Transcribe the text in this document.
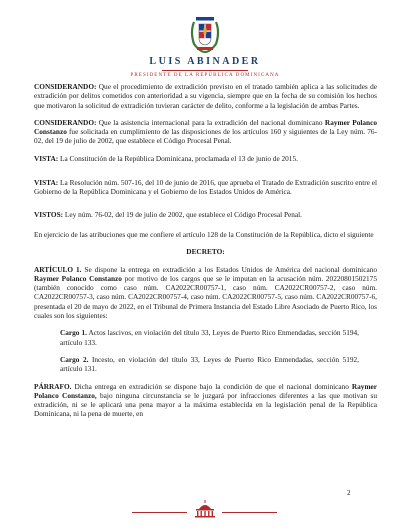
LUIS ABINADER
PRESIDENTE DE LA REPÚBLICA DOMINICANA

CONSIDERANDO: Que el procedimiento de extradición previsto en el tratado también aplica a las solicitudes de extradición por delitos cometidos con anterioridad a su vigencia, siempre que en la fecha de su comisión los hechos que motivaron la solicitud de extradición tuvieran carácter de delito, conforme a la legislación de ambas Partes.

CONSIDERANDO: Que la asistencia internacional para la extradición del nacional dominicano Raymer Polanco Constanzo fue solicitada en cumplimiento de las disposiciones de los artículos 160 y siguientes de la Ley núm. 76-02, del 19 de julio de 2002, que establece el Código Procesal Penal.

VISTA: La Constitución de la República Dominicana, proclamada el 13 de junio de 2015.

VISTA: La Resolución núm. 507-16, del 10 de junio de 2016, que aprueba el Tratado de Extradición suscrito entre el Gobierno de la República Dominicana y el Gobierno de los Estados Unidos de América.

VISTOS: Ley núm. 76-02, del 19 de julio de 2002, que establece el Código Procesal Penal.

En ejercicio de las atribuciones que me confiere el artículo 128 de la Constitución de la República, dicto el siguiente

DECRETO:

ARTÍCULO 1. Se dispone la entrega en extradición a los Estados Unidos de América del nacional dominicano Raymer Polanco Constanzo por motivo de los cargos que se le imputan en la acusación núm. 20220801502175 (también conocido como caso núm. CA2022CR00757-1, caso núm. CA2022CR00757-2, caso núm. CA2022CR00757-3, caso núm. CA2022CR00757-4, caso núm. CA2022CR00757-5, caso núm. CA2022CR00757-6, presentada el 20 de mayo de 2022, en el Tribunal de Primera Instancia del Estado Libre Asociado de Puerto Rico, los cuales son los siguientes:

Cargo 1. Actos lascivos, en violación del título 33, Leyes de Puerto Rico Enmendadas, sección 5194, artículo 133.

Cargo 2. Incesto, en violación del título 33, Leyes de Puerto Rico Enmendadas, sección 5192, artículo 131.

PÁRRAFO. Dicha entrega en extradición se dispone bajo la condición de que el nacional dominicano Raymer Polanco Constanzo, bajo ninguna circunstancia se le juzgará por infracciones diferentes a las que motivan su extradición, ni se le aplicará una pena mayor a la máxima establecida en la legislación penal de la República Dominicana, ni la pena de muerte, en

2
